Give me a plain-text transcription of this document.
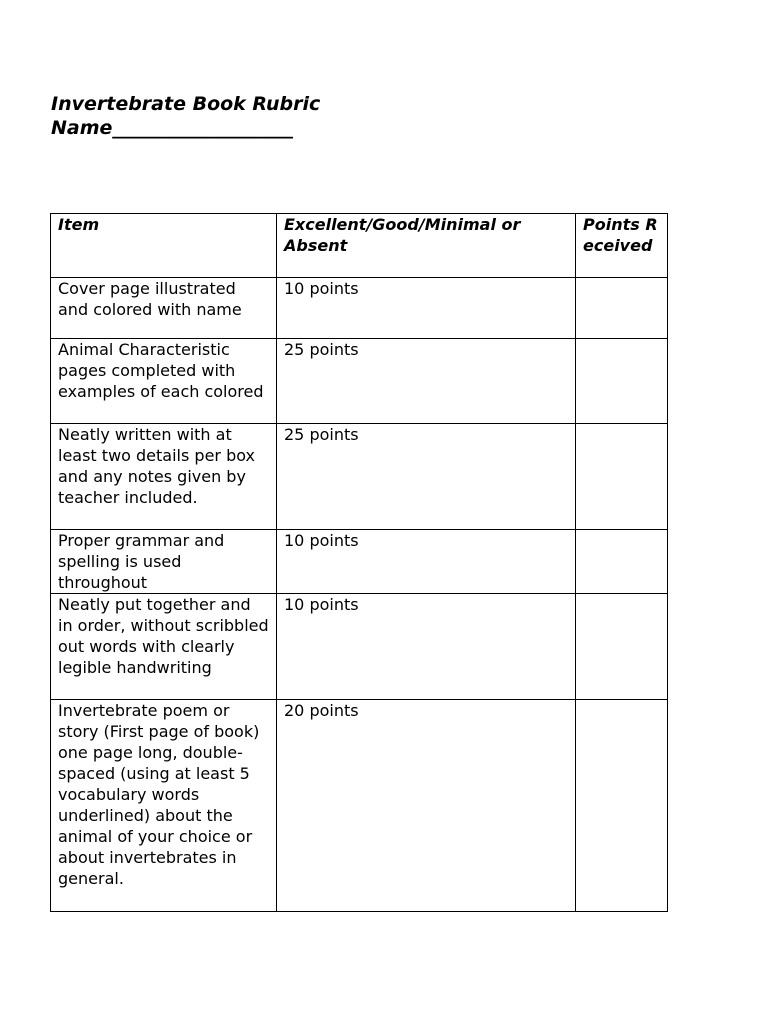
Invertebrate Book Rubric
Name___________________
Item	Excellent/Good/Minimal or Absent	Points Received
Cover page illustrated and colored with name	10 points	
Animal Characteristic pages completed with examples of each colored	25 points	
Neatly written with at least two details per box and any notes given by teacher included.	25 points	
Proper grammar and spelling is used throughout	10 points	
Neatly put together and in order, without scribbled out words with clearly legible handwriting	10 points	
Invertebrate poem or story (First page of book) one page long, double-spaced (using at least 5 vocabulary words underlined) about the animal of your choice or about invertebrates in general.	20 points	
